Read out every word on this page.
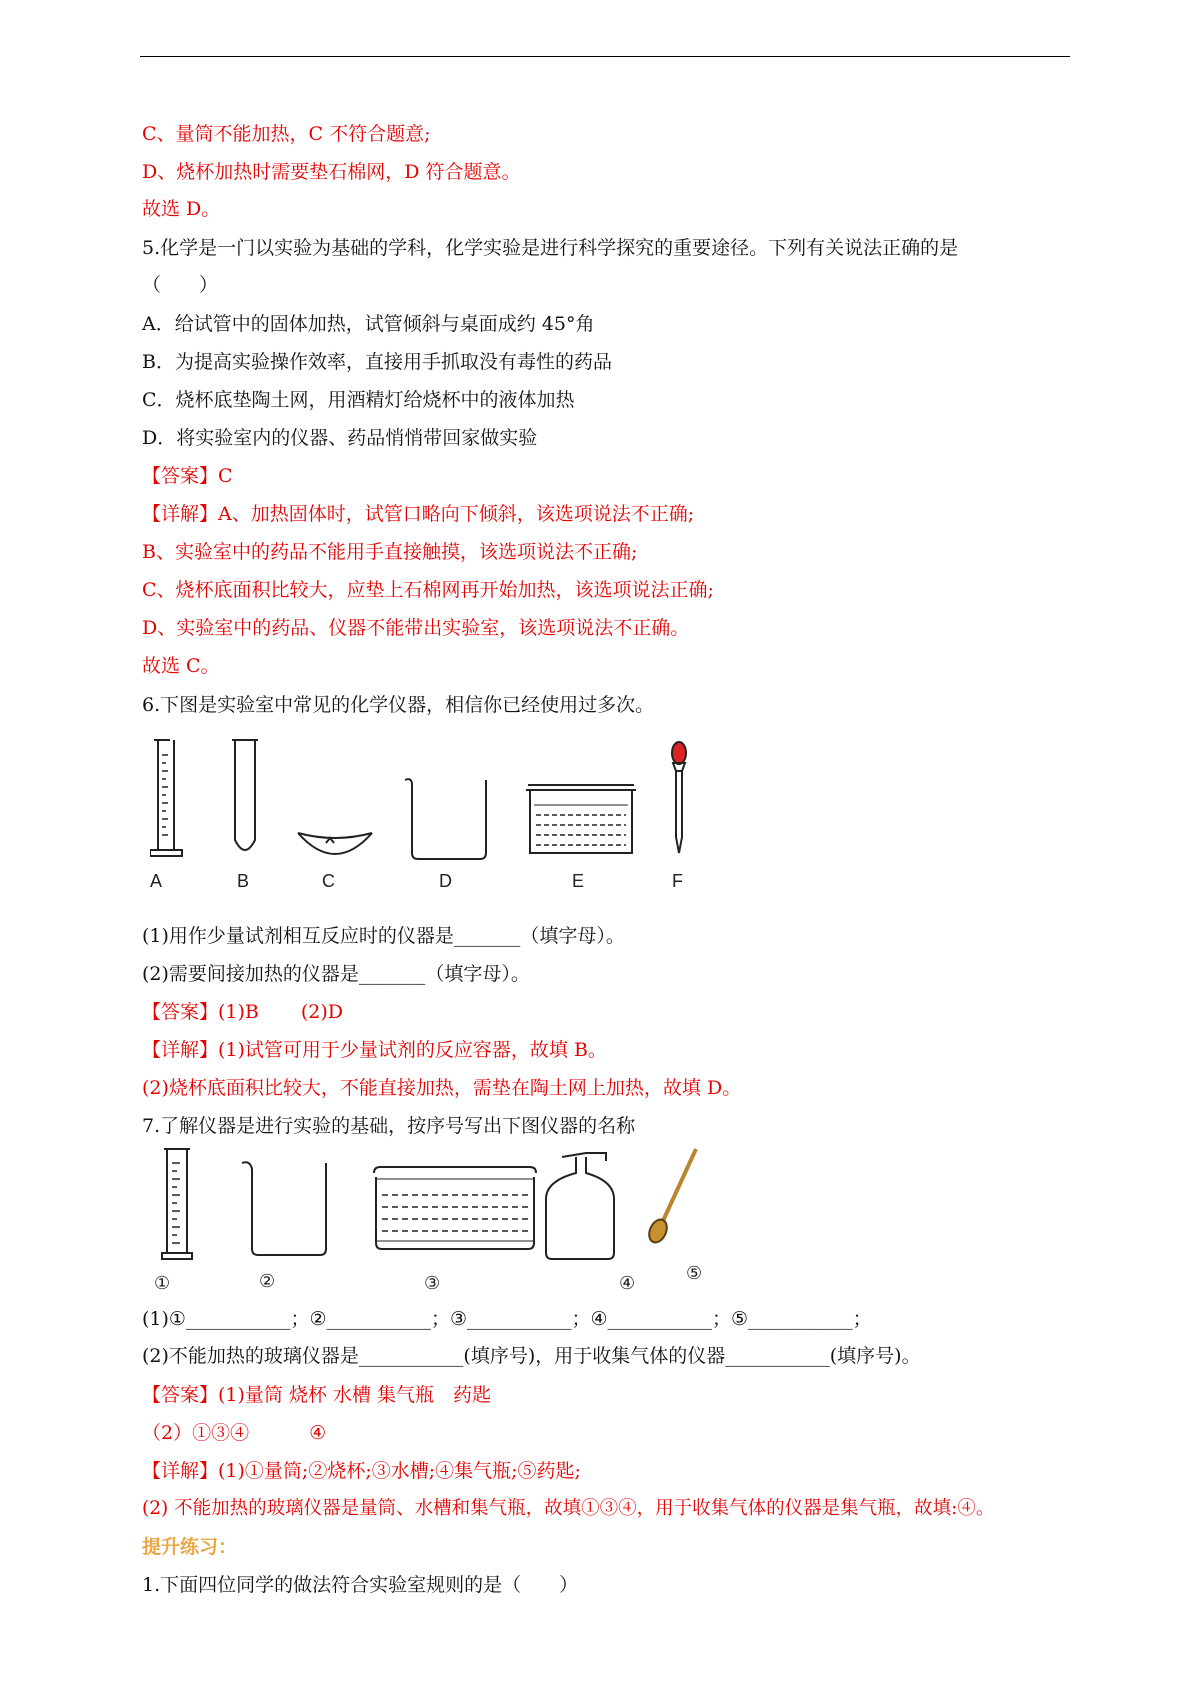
C、量筒不能加热，C 不符合题意;
D、烧杯加热时需要垫石棉网，D 符合题意。
故选 D。
5.化学是一门以实验为基础的学科，化学实验是进行科学探究的重要途径。下列有关说法正确的是
（　　）
A．给试管中的固体加热，试管倾斜与桌面成约 45°角
B．为提高实验操作效率，直接用手抓取没有毒性的药品
C．烧杯底垫陶土网，用酒精灯给烧杯中的液体加热
D．将实验室内的仪器、药品悄悄带回家做实验
【答案】C
【详解】A、加热固体时，试管口略向下倾斜，该选项说法不正确;
B、实验室中的药品不能用手直接触摸，该选项说法不正确;
C、烧杯底面积比较大，应垫上石棉网再开始加热，该选项说法正确;
D、实验室中的药品、仪器不能带出实验室，该选项说法不正确。
故选 C。
6.下图是实验室中常见的化学仪器，相信你已经使用过多次。
A	B	C	D	E	F
(1)用作少量试剂相互反应时的仪器是_______（填字母）。
(2)需要间接加热的仪器是_______（填字母）。
【答案】(1)B (2)D
【详解】(1)试管可用于少量试剂的反应容器，故填 B。
(2)烧杯底面积比较大，不能直接加热，需垫在陶土网上加热，故填 D。
7.了解仪器是进行实验的基础，按序号写出下图仪器的名称
①	②	③	④	⑤
(1)①___________；②___________；③___________；④___________；⑤___________；
(2)不能加热的玻璃仪器是___________(填序号)，用于收集气体的仪器___________(填序号)。
【答案】(1)量筒 烧杯 水槽 集气瓶　药匙
（2）①③④	④
【详解】(1)①量筒;②烧杯;③水槽;④集气瓶;⑤药匙;
(2) 不能加热的玻璃仪器是量筒、水槽和集气瓶，故填①③④，用于收集气体的仪器是集气瓶，故填:④。
提升练习：
1.下面四位同学的做法符合实验室规则的是（　　）
